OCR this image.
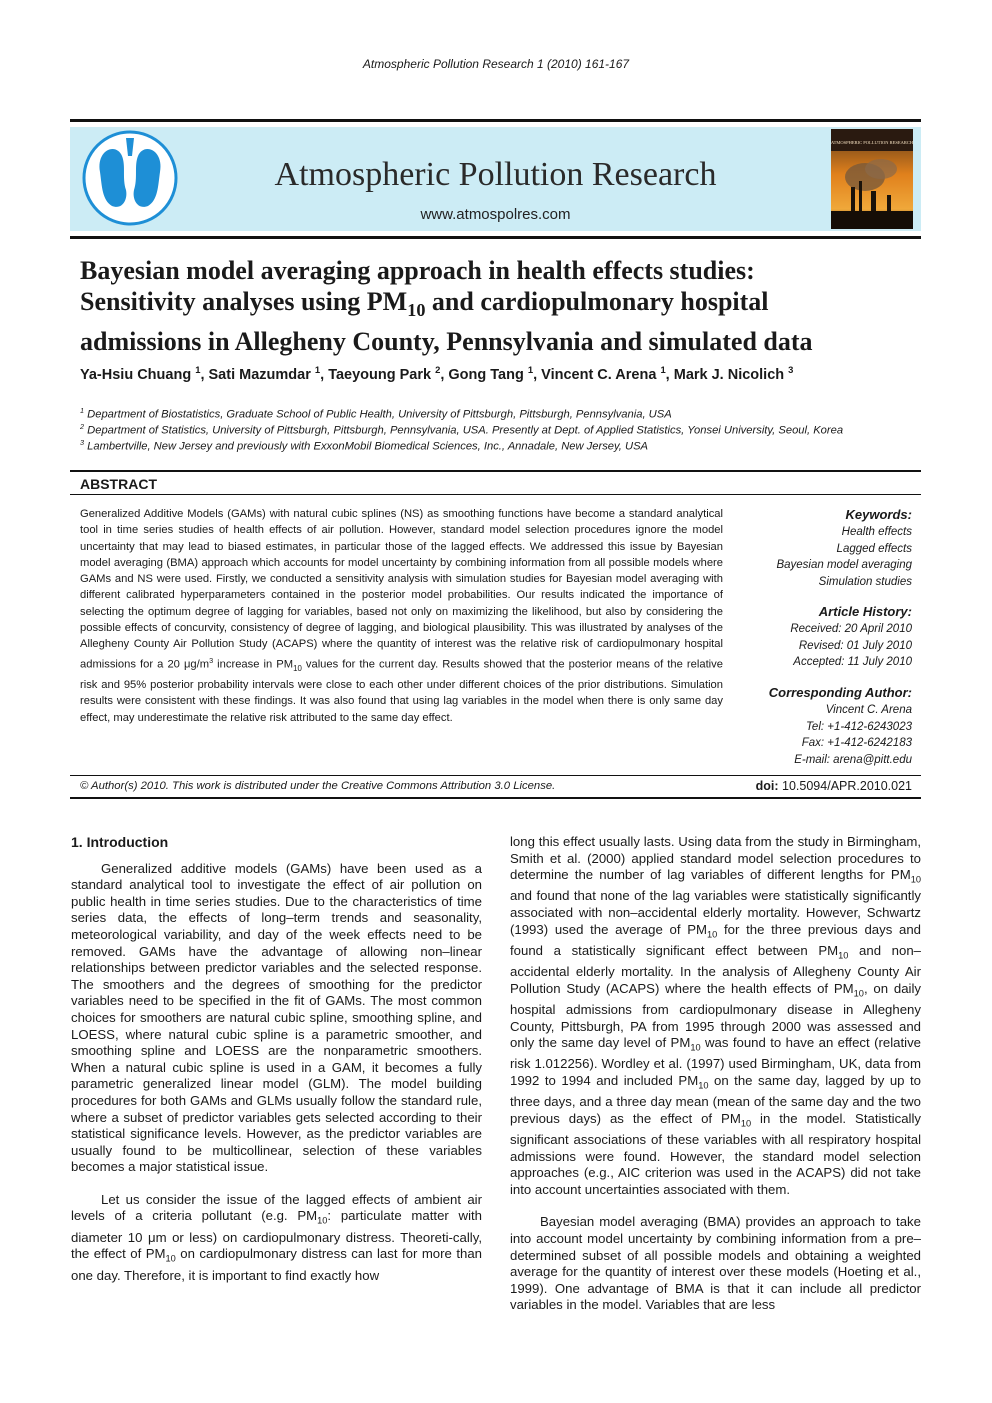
Atmospheric Pollution Research 1 (2010) 161-167
Atmospheric Pollution Research
www.atmospolres.com
ATMOSPHERIC POLLUTION RESEARCH
Bayesian model averaging approach in health effects studies:
Sensitivity analyses using $PM_{10}$ and cardiopulmonary hospital
admissions in Allegheny County, Pennsylvania and simulated data
Ya-Hsiu Chuang $^1$, Sati Mazumdar $^1$, Taeyoung Park $^2$, Gong Tang $^1$, Vincent C. Arena $^1$, Mark J. Nicolich $^3$
$^1$ Department of Biostatistics, Graduate School of Public Health, University of Pittsburgh, Pittsburgh, Pennsylvania, USA
$^2$ Department of Statistics, University of Pittsburgh, Pittsburgh, Pennsylvania, USA. Presently at Dept. of Applied Statistics, Yonsei University, Seoul, Korea
$^3$ Lambertville, New Jersey and previously with ExxonMobil Biomedical Sciences, Inc., Annadale, New Jersey, USA
ABSTRACT
Generalized Additive Models (GAMs) with natural cubic splines (NS) as smoothing functions have become a standard analytical tool in time series studies of health effects of air pollution. However, standard model selection procedures ignore the model uncertainty that may lead to biased estimates, in particular those of the lagged effects. We addressed this issue by Bayesian model averaging (BMA) approach which accounts for model uncertainty by combining information from all possible models where GAMs and NS were used. Firstly, we conducted a sensitivity analysis with simulation studies for Bayesian model averaging with different calibrated hyperparameters contained in the posterior model probabilities. Our results indicated the importance of selecting the optimum degree of lagging for variables, based not only on maximizing the likelihood, but also by considering the possible effects of concurvity, consistency of degree of lagging, and biological plausibility. This was illustrated by analyses of the Allegheny County Air Pollution Study (ACAPS) where the quantity of interest was the relative risk of cardiopulmonary hospital admissions for a 20 $\mu g/m^3$ increase in $PM_{10}$ values for the current day. Results showed that the posterior means of the relative risk and 95% posterior probability intervals were close to each other under different choices of the prior distributions. Simulation results were consistent with these findings. It was also found that using lag variables in the model when there is only same day effect, may underestimate the relative risk attributed to the same day effect.
Keywords:
Health effects
Lagged effects
Bayesian model averaging
Simulation studies
Article History:
Received: 20 April 2010
Revised: 01 July 2010
Accepted: 11 July 2010
Corresponding Author:
Vincent C. Arena
Tel: +1-412-6243023
Fax: +1-412-6242183
E-mail: arena@pitt.edu
© Author(s) 2010. This work is distributed under the Creative Commons Attribution 3.0 License.	doi: 10.5094/APR.2010.021

1. Introduction

Generalized additive models (GAMs) have been used as a standard analytical tool to investigate the effect of air pollution on public health in time series studies. Due to the characteristics of time series data, the effects of long–term trends and seasonality, meteorological variability, and day of the week effects need to be removed. GAMs have the advantage of allowing non–linear relationships between predictor variables and the selected response. The smoothers and the degrees of smoothing for the predictor variables need to be specified in the fit of GAMs. The most common choices for smoothers are natural cubic spline, smoothing spline, and LOESS, where natural cubic spline is a parametric smoother, and smoothing spline and LOESS are the nonparametric smoothers. When a natural cubic spline is used in a GAM, it becomes a fully parametric generalized linear model (GLM). The model building procedures for both GAMs and GLMs usually follow the standard rule, where a subset of predictor variables gets selected according to their statistical significance levels. However, as the predictor variables are usually found to be multicollinear, selection of these variables becomes a major statistical issue.

Let us consider the issue of the lagged effects of ambient air levels of a criteria pollutant (e.g. $PM_{10}$: particulate matter with diameter 10 μm or less) on cardiopulmonary distress. Theoreti-cally, the effect of $PM_{10}$ on cardiopulmonary distress can last for more than one day. Therefore, it is important to find exactly how

long this effect usually lasts. Using data from the study in Birmingham, Smith et al. (2000) applied standard model selection procedures to determine the number of lag variables of different lengths for $PM_{10}$ and found that none of the lag variables were statistically significantly associated with non–accidental elderly mortality. However, Schwartz (1993) used the average of $PM_{10}$ for the three previous days and found a statistically significant effect between $PM_{10}$ and non–accidental elderly mortality. In the analysis of Allegheny County Air Pollution Study (ACAPS) where the health effects of $PM_{10}$, on daily hospital admissions from cardiopulmonary disease in Allegheny County, Pittsburgh, PA from 1995 through 2000 was assessed and only the same day level of $PM_{10}$ was found to have an effect (relative risk 1.012256). Wordley et al. (1997) used Birmingham, UK, data from 1992 to 1994 and included $PM_{10}$ on the same day, lagged by up to three days, and a three day mean (mean of the same day and the two previous days) as the effect of $PM_{10}$ in the model. Statistically significant associations of these variables with all respiratory hospital admissions were found. However, the standard model selection approaches (e.g., AIC criterion was used in the ACAPS) did not take into account uncertainties associated with them.

Bayesian model averaging (BMA) provides an approach to take into account model uncertainty by combining information from a pre–determined subset of all possible models and obtaining a weighted average for the quantity of interest over these models (Hoeting et al., 1999). One advantage of BMA is that it can include all predictor variables in the model. Variables that are less
